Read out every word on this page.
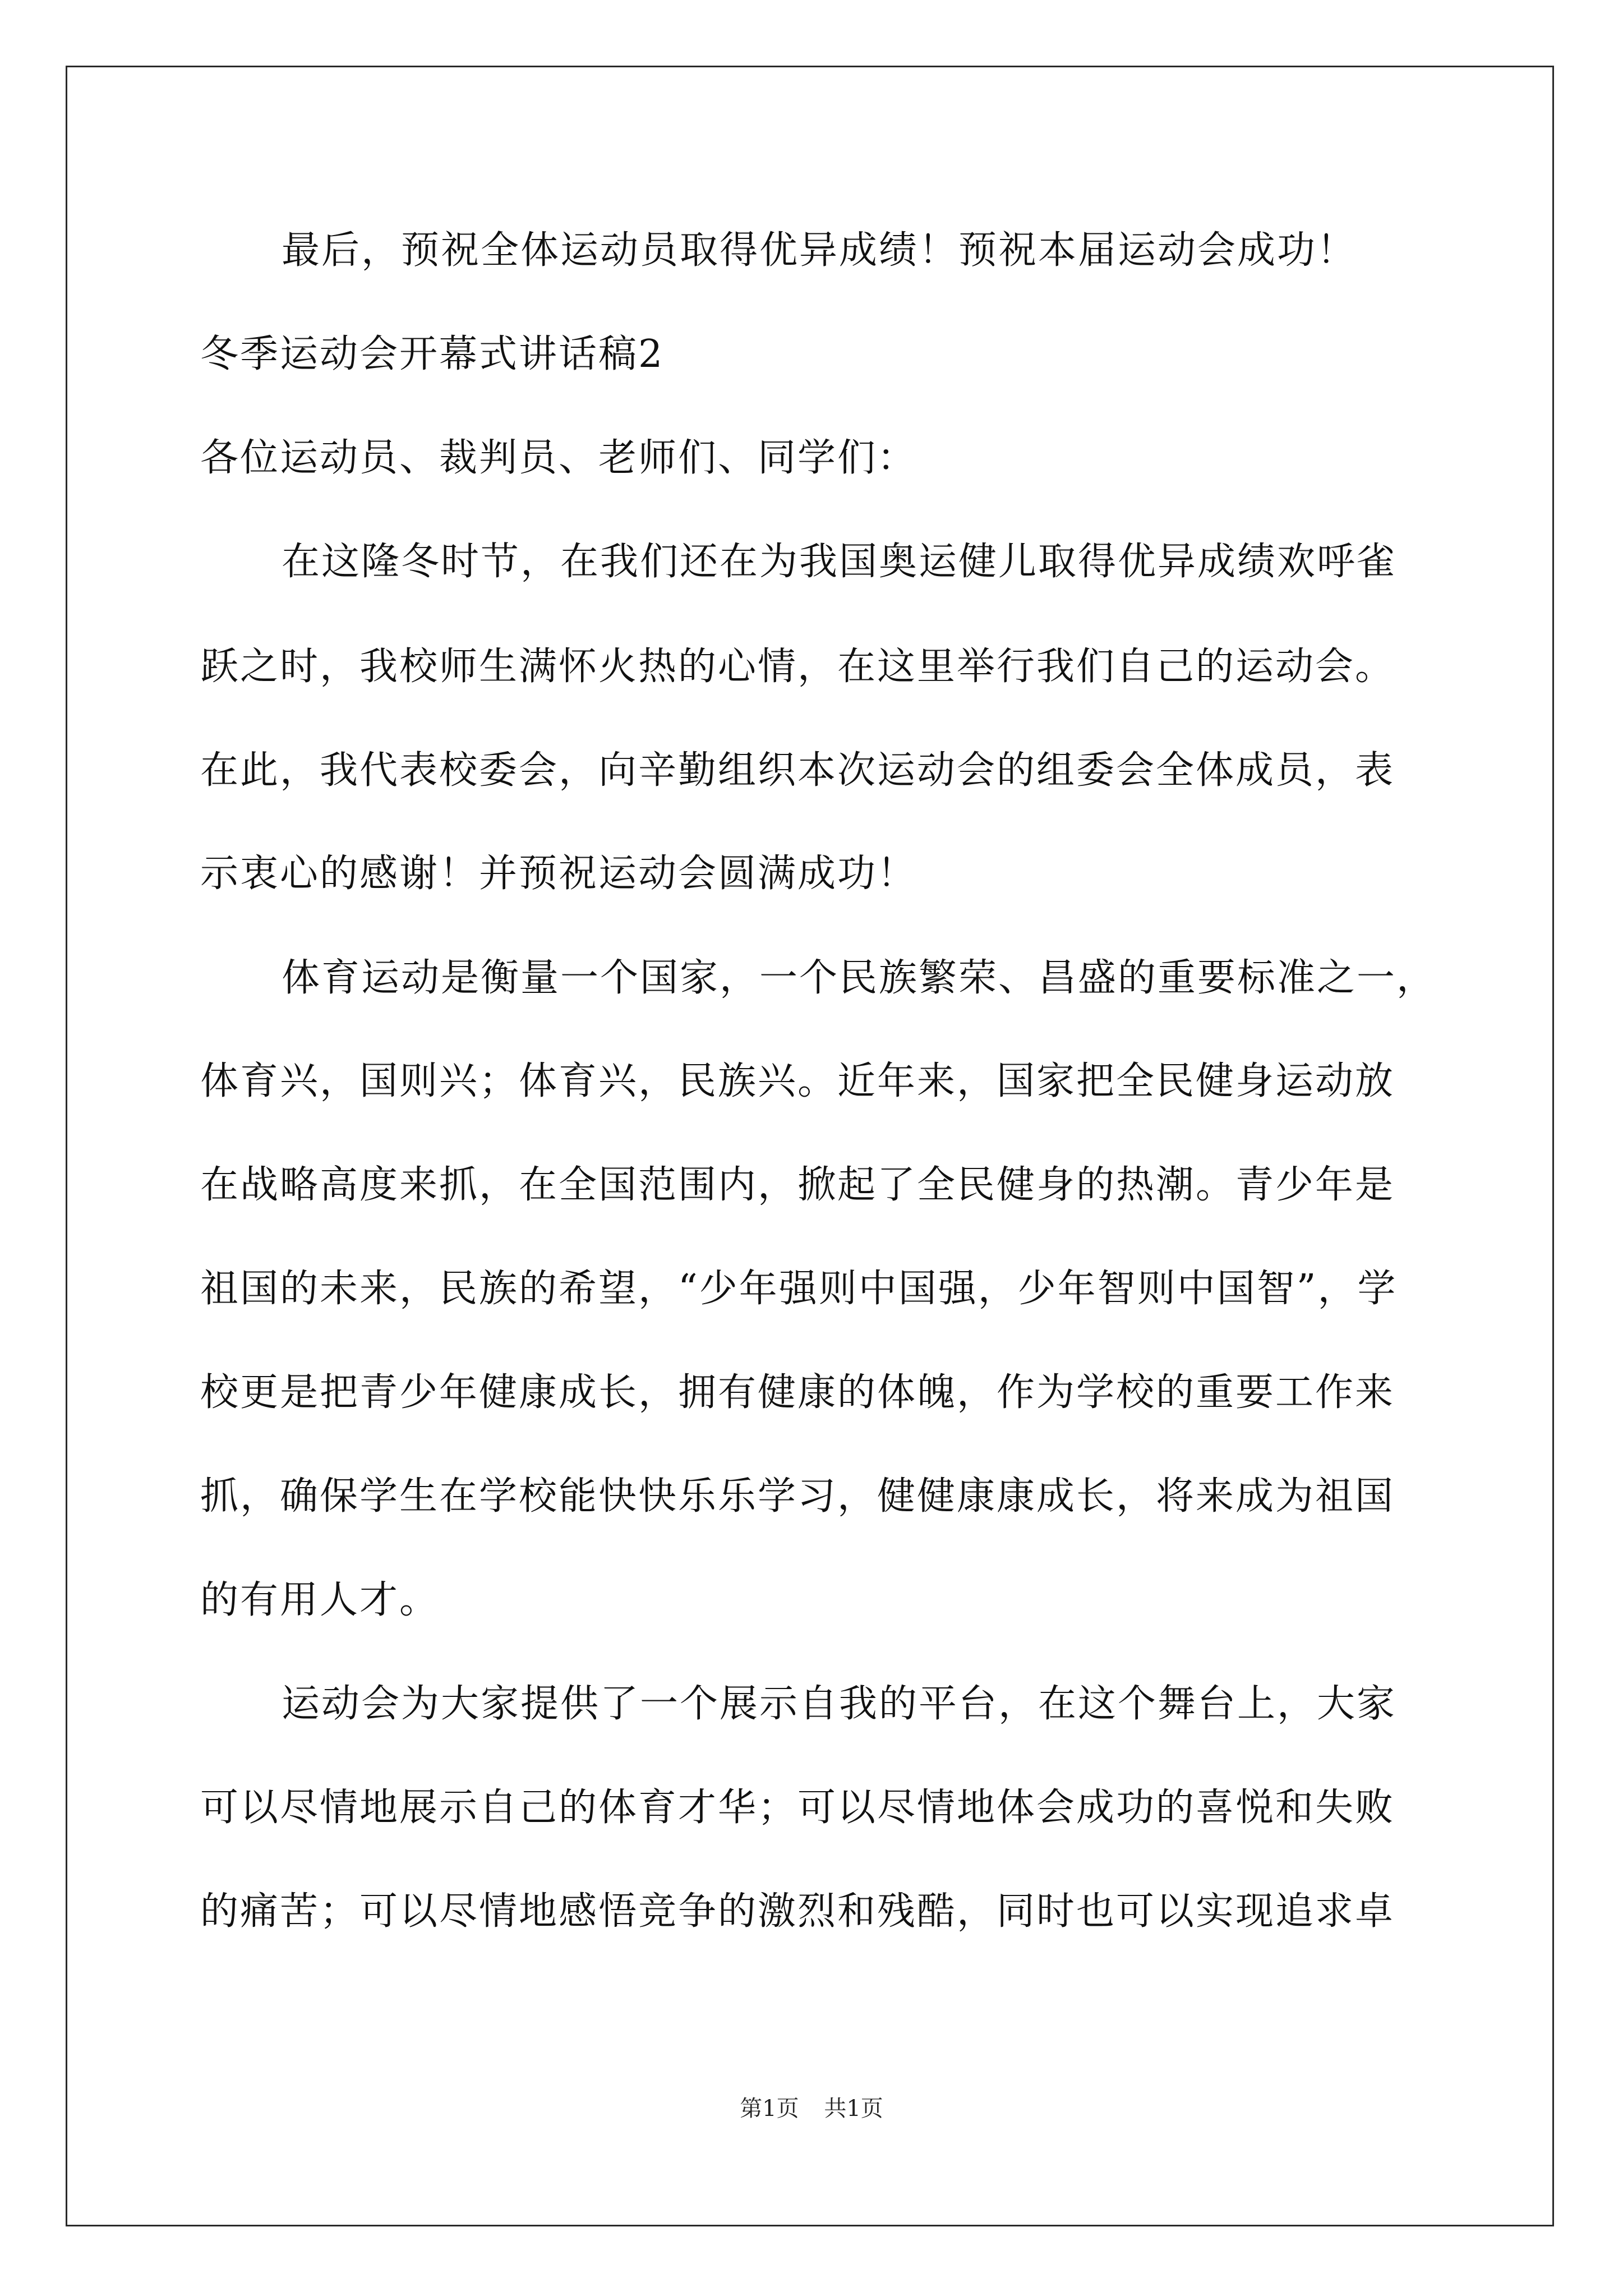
最后，预祝全体运动员取得优异成绩！预祝本届运动会成功！
冬季运动会开幕式讲话稿2
各位运动员、裁判员、老师们、同学们：
在这隆冬时节，在我们还在为我国奥运健儿取得优异成绩欢呼雀
跃之时，我校师生满怀火热的心情，在这里举行我们自己的运动会。
在此，我代表校委会，向辛勤组织本次运动会的组委会全体成员，表
示衷心的感谢！并预祝运动会圆满成功！
体育运动是衡量一个国家，一个民族繁荣、昌盛的重要标准之一，
体育兴，国则兴；体育兴，民族兴。近年来，国家把全民健身运动放
在战略高度来抓，在全国范围内，掀起了全民健身的热潮。青少年是
祖国的未来，民族的希望，“少年强则中国强，少年智则中国智”，学
校更是把青少年健康成长，拥有健康的体魄，作为学校的重要工作来
抓，确保学生在学校能快快乐乐学习，健健康康成长，将来成为祖国
的有用人才。
运动会为大家提供了一个展示自我的平台，在这个舞台上，大家
可以尽情地展示自己的体育才华；可以尽情地体会成功的喜悦和失败
的痛苦；可以尽情地感悟竞争的激烈和残酷，同时也可以实现追求卓
第1页 共1页
